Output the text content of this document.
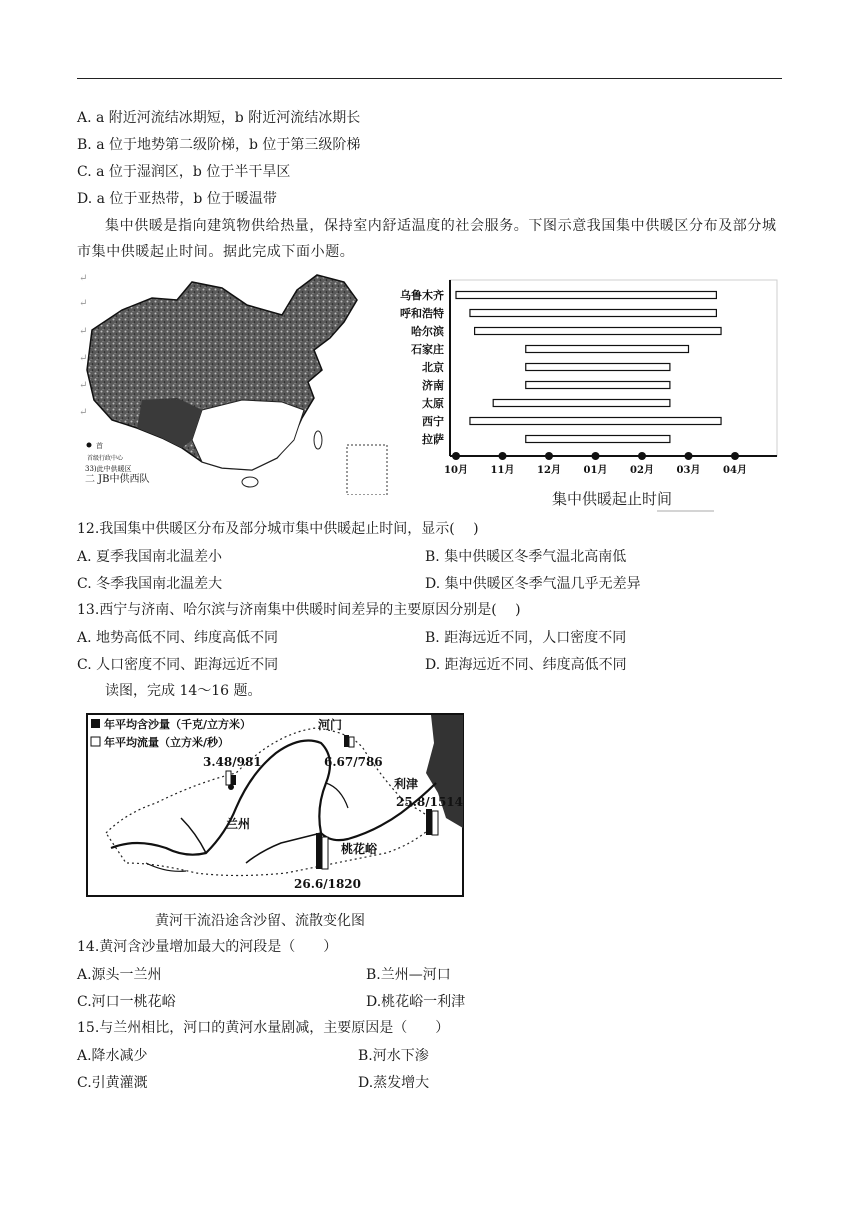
A. a 附近河流结冰期短，b 附近河流结冰期长
B. a 位于地势第二级阶梯，b 位于第三级阶梯
C. a 位于湿润区，b 位于半干旱区
D. a 位于亚热带，b 位于暖温带
集中供暖是指向建筑物供给热量，保持室内舒适温度的社会服务。下图示意我国集中供暖区分布及部分城市集中供暖起止时间。据此完成下面小题。
↵
↵
↵
↵
↵
↵
首
首级行政中心
33)此中供暖区
二 JB中供西队
乌鲁木齐
呼和浩特
哈尔滨
石家庄
北京
济南
太原
西宁
拉萨
10月 11月 12月 01月 02月 03月 04月
集中供暖起止时间
12.我国集中供暖区分布及部分城市集中供暖起止时间，显示(　 )
A. 夏季我国南北温差小	B. 集中供暖区冬季气温北高南低
C. 冬季我国南北温差大	D. 集中供暖区冬季气温几乎无差异
13.西宁与济南、哈尔滨与济南集中供暖时间差异的主要原因分别是(　 )
A. 地势高低不同、纬度高低不同	B. 距海远近不同，人口密度不同
C. 人口密度不同、距海远近不同	D. 距海远近不同、纬度高低不同
读图，完成 14～16 题。
年平均含沙量（千克/立方米）
年平均流量（立方米/秒）
3.48/981
河门
6.67/786
利津
25.8/1514
桃花峪
26.6/1820
兰州
黄河干流沿途含沙留、流散变化图
14.黄河含沙量增加最大的河段是（　　）
A.源头一兰州	B.兰州—河口
C.河口一桃花峪	D.桃花峪一利津
15.与兰州相比，河口的黄河水量剧减，主要原因是（　　）
A.降水减少	B.河水下渗
C.引黄灌溉	D.蒸发增大
